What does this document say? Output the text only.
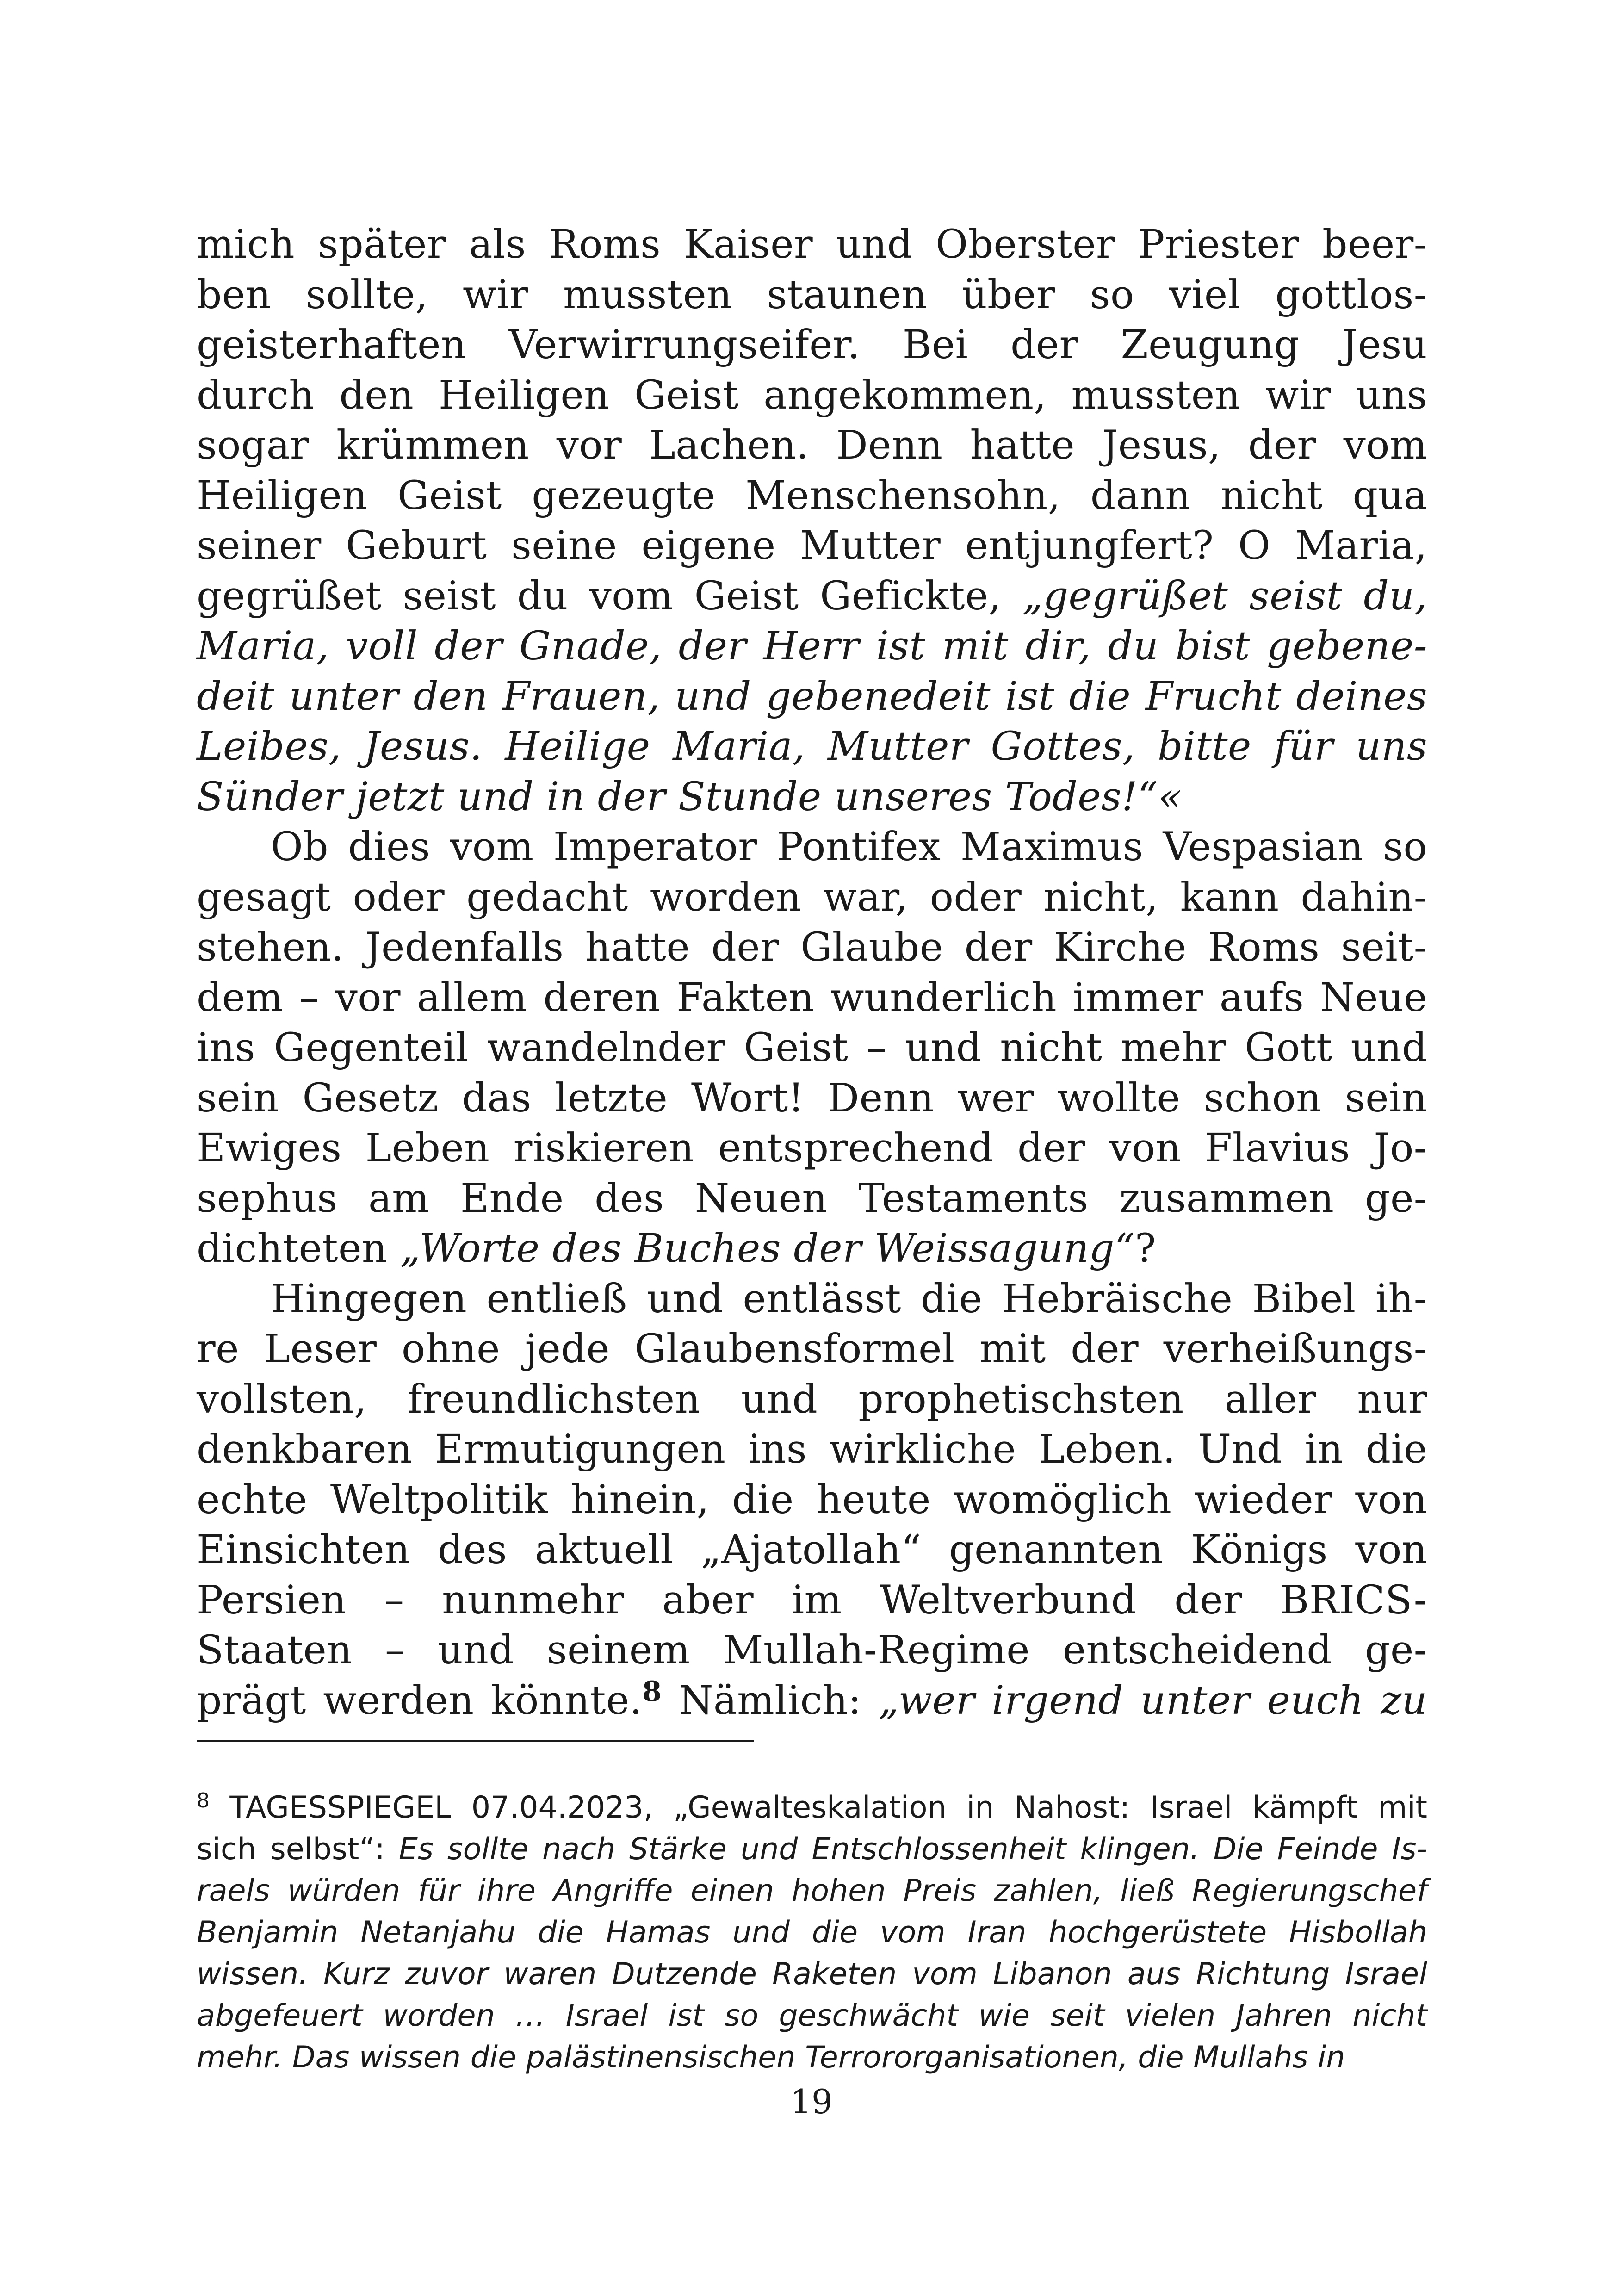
mich später als Roms Kaiser und Oberster Priester beer-
ben sollte, wir mussten staunen über so viel gottlos-
geisterhaften Verwirrungseifer. Bei der Zeugung Jesu
durch den Heiligen Geist angekommen, mussten wir uns
sogar krümmen vor Lachen. Denn hatte Jesus, der vom
Heiligen Geist gezeugte Menschensohn, dann nicht qua
seiner Geburt seine eigene Mutter entjungfert? O Maria,
gegrüßet seist du vom Geist Gefickte, „gegrüßet seist du,
Maria, voll der Gnade, der Herr ist mit dir, du bist gebene-
deit unter den Frauen, und gebenedeit ist die Frucht deines
Leibes, Jesus. Heilige Maria, Mutter Gottes, bitte für uns
Sünder jetzt und in der Stunde unseres Todes!“«
Ob dies vom Imperator Pontifex Maximus Vespasian so
gesagt oder gedacht worden war, oder nicht, kann dahin-
stehen. Jedenfalls hatte der Glaube der Kirche Roms seit-
dem – vor allem deren Fakten wunderlich immer aufs Neue
ins Gegenteil wandelnder Geist – und nicht mehr Gott und
sein Gesetz das letzte Wort! Denn wer wollte schon sein
Ewiges Leben riskieren entsprechend der von Flavius Jo-
sephus am Ende des Neuen Testaments zusammen ge-
dichteten „Worte des Buches der Weissagung“?
Hingegen entließ und entlässt die Hebräische Bibel ih-
re Leser ohne jede Glaubensformel mit der verheißungs-
vollsten, freundlichsten und prophetischsten aller nur
denkbaren Ermutigungen ins wirkliche Leben. Und in die
echte Weltpolitik hinein, die heute womöglich wieder von
Einsichten des aktuell „Ajatollah“ genannten Königs von
Persien – nunmehr aber im Weltverbund der BRICS-
Staaten – und seinem Mullah-Regime entscheidend ge-
prägt werden könnte.$^8$ Nämlich: „wer irgend unter euch zu
$^8$ TAGESSPIEGEL 07.04.2023, „Gewalteskalation in Nahost: Israel kämpft mit
sich selbst“: Es sollte nach Stärke und Entschlossenheit klingen. Die Feinde Is-
raels würden für ihre Angriffe einen hohen Preis zahlen, ließ Regierungschef
Benjamin Netanjahu die Hamas und die vom Iran hochgerüstete Hisbollah
wissen. Kurz zuvor waren Dutzende Raketen vom Libanon aus Richtung Israel
abgefeuert worden … Israel ist so geschwächt wie seit vielen Jahren nicht
mehr. Das wissen die palästinensischen Terrororganisationen, die Mullahs in
19
